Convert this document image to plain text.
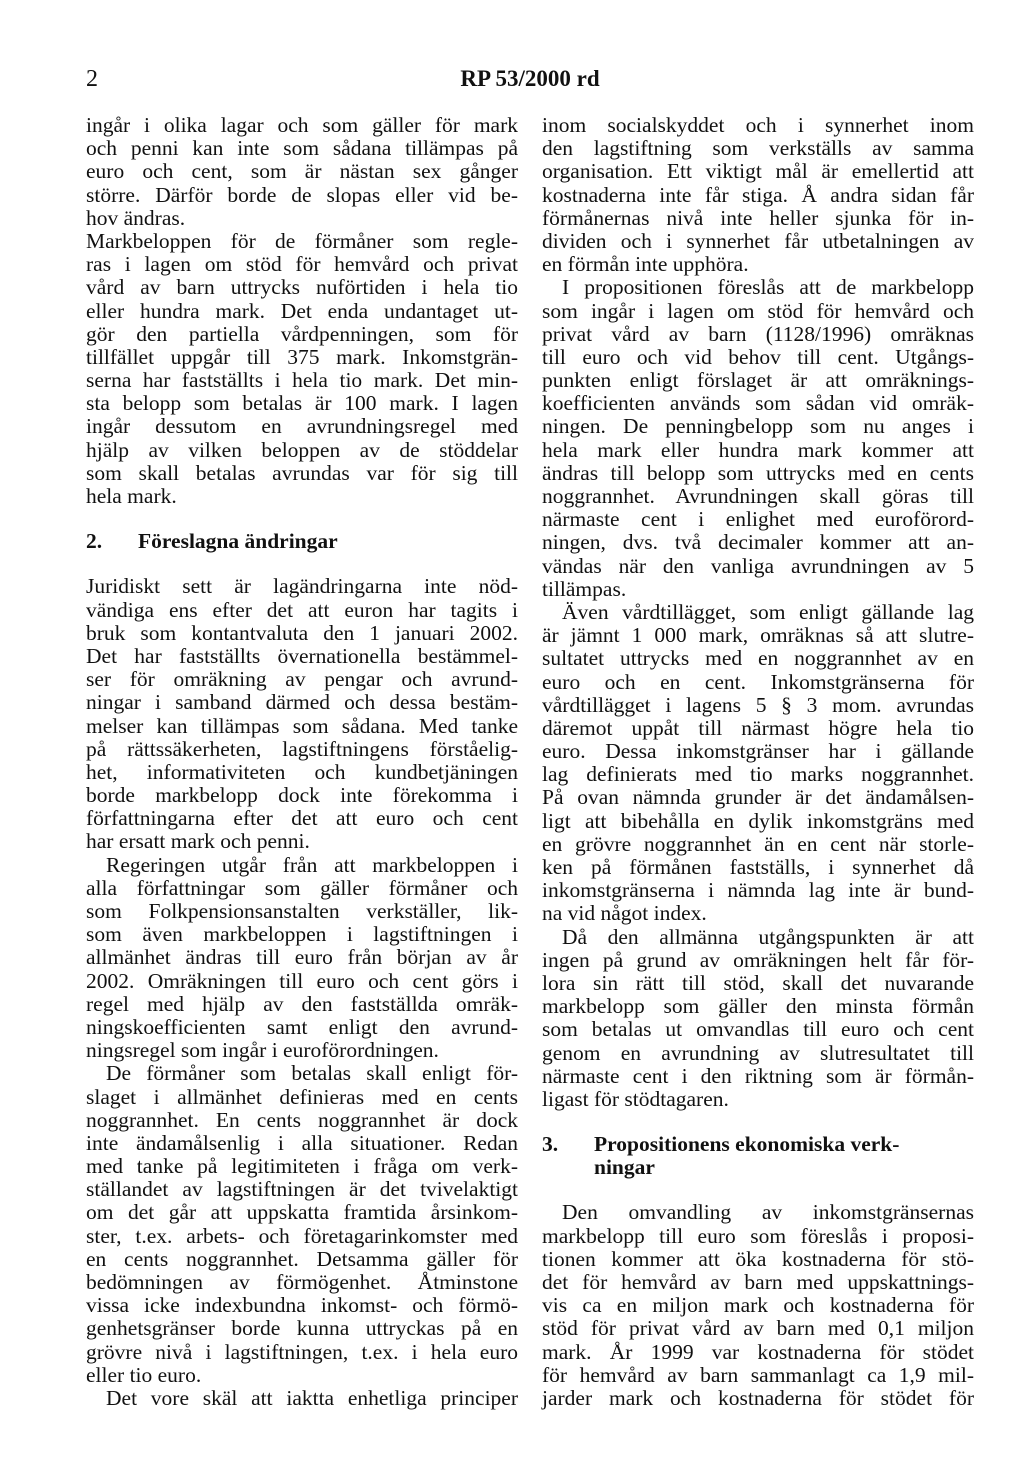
2	RP 53/2000 rd
ingår i olika lagar och som gäller för mark
och penni kan inte som sådana tillämpas på
euro och cent, som är nästan sex gånger
större. Därför borde de slopas eller vid be-
hov ändras.
Markbeloppen för de förmåner som regle-
ras i lagen om stöd för hemvård och privat
vård av barn uttrycks nuförtiden i hela tio
eller hundra mark. Det enda undantaget ut-
gör den partiella vårdpenningen, som för
tillfället uppgår till 375 mark. Inkomstgrän-
serna har fastställts i hela tio mark. Det min-
sta belopp som betalas är 100 mark. I lagen
ingår dessutom en avrundningsregel med
hjälp av vilken beloppen av de stöddelar
som skall betalas avrundas var för sig till
hela mark.
2. Föreslagna ändringar
Juridiskt sett är lagändringarna inte nöd-
vändiga ens efter det att euron har tagits i
bruk som kontantvaluta den 1 januari 2002.
Det har fastställts övernationella bestämmel-
ser för omräkning av pengar och avrund-
ningar i samband därmed och dessa bestäm-
melser kan tillämpas som sådana. Med tanke
på rättssäkerheten, lagstiftningens förståelig-
het, informativiteten och kundbetjäningen
borde markbelopp dock inte förekomma i
författningarna efter det att euro och cent
har ersatt mark och penni.
Regeringen utgår från att markbeloppen i
alla författningar som gäller förmåner och
som Folkpensionsanstalten verkställer, lik-
som även markbeloppen i lagstiftningen i
allmänhet ändras till euro från början av år
2002. Omräkningen till euro och cent görs i
regel med hjälp av den fastställda omräk-
ningskoefficienten samt enligt den avrund-
ningsregel som ingår i euroförordningen.
De förmåner som betalas skall enligt för-
slaget i allmänhet definieras med en cents
noggrannhet. En cents noggrannhet är dock
inte ändamålsenlig i alla situationer. Redan
med tanke på legitimiteten i fråga om verk-
ställandet av lagstiftningen är det tvivelaktigt
om det går att uppskatta framtida årsinkom-
ster, t.ex. arbets- och företagarinkomster med
en cents noggrannhet. Detsamma gäller för
bedömningen av förmögenhet. Åtminstone
vissa icke indexbundna inkomst- och förmö-
genhetsgränser borde kunna uttryckas på en
grövre nivå i lagstiftningen, t.ex. i hela euro
eller tio euro.
Det vore skäl att iaktta enhetliga principer
inom socialskyddet och i synnerhet inom
den lagstiftning som verkställs av samma
organisation. Ett viktigt mål är emellertid att
kostnaderna inte får stiga. Å andra sidan får
förmånernas nivå inte heller sjunka för in-
dividen och i synnerhet får utbetalningen av
en förmån inte upphöra.
I propositionen föreslås att de markbelopp
som ingår i lagen om stöd för hemvård och
privat vård av barn (1128/1996) omräknas
till euro och vid behov till cent. Utgångs-
punkten enligt förslaget är att omräknings-
koefficienten används som sådan vid omräk-
ningen. De penningbelopp som nu anges i
hela mark eller hundra mark kommer att
ändras till belopp som uttrycks med en cents
noggrannhet. Avrundningen skall göras till
närmaste cent i enlighet med euroförord-
ningen, dvs. två decimaler kommer att an-
vändas när den vanliga avrundningen av 5
tillämpas.
Även vårdtillägget, som enligt gällande lag
är jämnt 1 000 mark, omräknas så att slutre-
sultatet uttrycks med en noggrannhet av en
euro och en cent. Inkomstgränserna för
vårdtillägget i lagens 5 § 3 mom. avrundas
däremot uppåt till närmast högre hela tio
euro. Dessa inkomstgränser har i gällande
lag definierats med tio marks noggrannhet.
På ovan nämnda grunder är det ändamålsen-
ligt att bibehålla en dylik inkomstgräns med
en grövre noggrannhet än en cent när storle-
ken på förmånen fastställs, i synnerhet då
inkomstgränserna i nämnda lag inte är bund-
na vid något index.
Då den allmänna utgångspunkten är att
ingen på grund av omräkningen helt får för-
lora sin rätt till stöd, skall det nuvarande
markbelopp som gäller den minsta förmån
som betalas ut omvandlas till euro och cent
genom en avrundning av slutresultatet till
närmaste cent i den riktning som är förmån-
ligast för stödtagaren.
3. Propositionens ekonomiska verk-
ningar
Den omvandling av inkomstgränsernas
markbelopp till euro som föreslås i proposi-
tionen kommer att öka kostnaderna för stö-
det för hemvård av barn med uppskattnings-
vis ca en miljon mark och kostnaderna för
stöd för privat vård av barn med 0,1 miljon
mark. År 1999 var kostnaderna för stödet
för hemvård av barn sammanlagt ca 1,9 mil-
jarder mark och kostnaderna för stödet för
